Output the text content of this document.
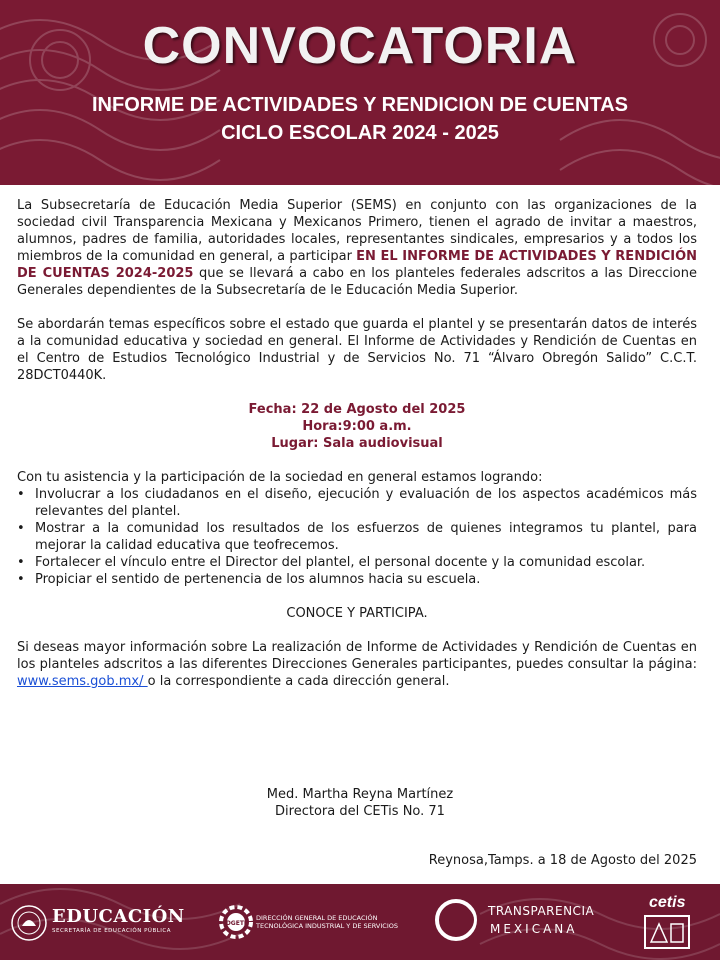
CONVOCATORIA
INFORME DE ACTIVIDADES Y RENDICION DE CUENTAS
CICLO ESCOLAR 2024 - 2025

La Subsecretaría de Educación Media Superior (SEMS) en conjunto con las organizaciones de la sociedad civil Transparencia Mexicana y Mexicanos Primero, tienen el agrado de invitar a maestros, alumnos, padres de familia, autoridades locales, representantes sindicales, empresarios y a todos los miembros de la comunidad en general, a participar EN EL INFORME DE ACTIVIDADES Y RENDICIÓN DE CUENTAS 2024-2025 que se llevará a cabo en los planteles federales adscritos a las Direccione Generales dependientes de la Subsecretaría de le Educación Media Superior.

Se abordarán temas específicos sobre el estado que guarda el plantel y se presentarán datos de interés a la comunidad educativa y sociedad en general. El Informe de Actividades y Rendición de Cuentas en el Centro de Estudios Tecnológico Industrial y de Servicios No. 71 “Álvaro Obregón Salido” C.C.T. 28DCT0440K.

Fecha: 22 de Agosto del 2025
Hora:9:00 a.m.
Lugar: Sala audiovisual

Con tu asistencia y la participación de la sociedad en general estamos logrando:

• Involucrar a los ciudadanos en el diseño, ejecución y evaluación de los aspectos académicos más relevantes del plantel.
• Mostrar a la comunidad los resultados de los esfuerzos de quienes integramos tu plantel, para mejorar la calidad educativa que teofrecemos.
• Fortalecer el vínculo entre el Director del plantel, el personal docente y la comunidad escolar.
• Propiciar el sentido de pertenencia de los alumnos hacia su escuela.

CONOCE Y PARTICIPA.

Si deseas mayor información sobre La realización de Informe de Actividades y Rendición de Cuentas en los planteles adscritos a las diferentes Direcciones Generales participantes, puedes consultar la página: www.sems.gob.mx/ o la correspondiente a cada dirección general.

Med. Martha Reyna Martínez
Directora del CETis No. 71
Reynosa,Tamps. a 18 de Agosto del 2025
EDUCACIÓN
SECRETARÍA DE EDUCACIÓN PÚBLICA
DGETI
DIRECCIÓN GENERAL DE EDUCACIÓN
TECNOLÓGICA INDUSTRIAL Y DE SERVICIOS
TRANSPARENCIA
MEXICANA
cetis
